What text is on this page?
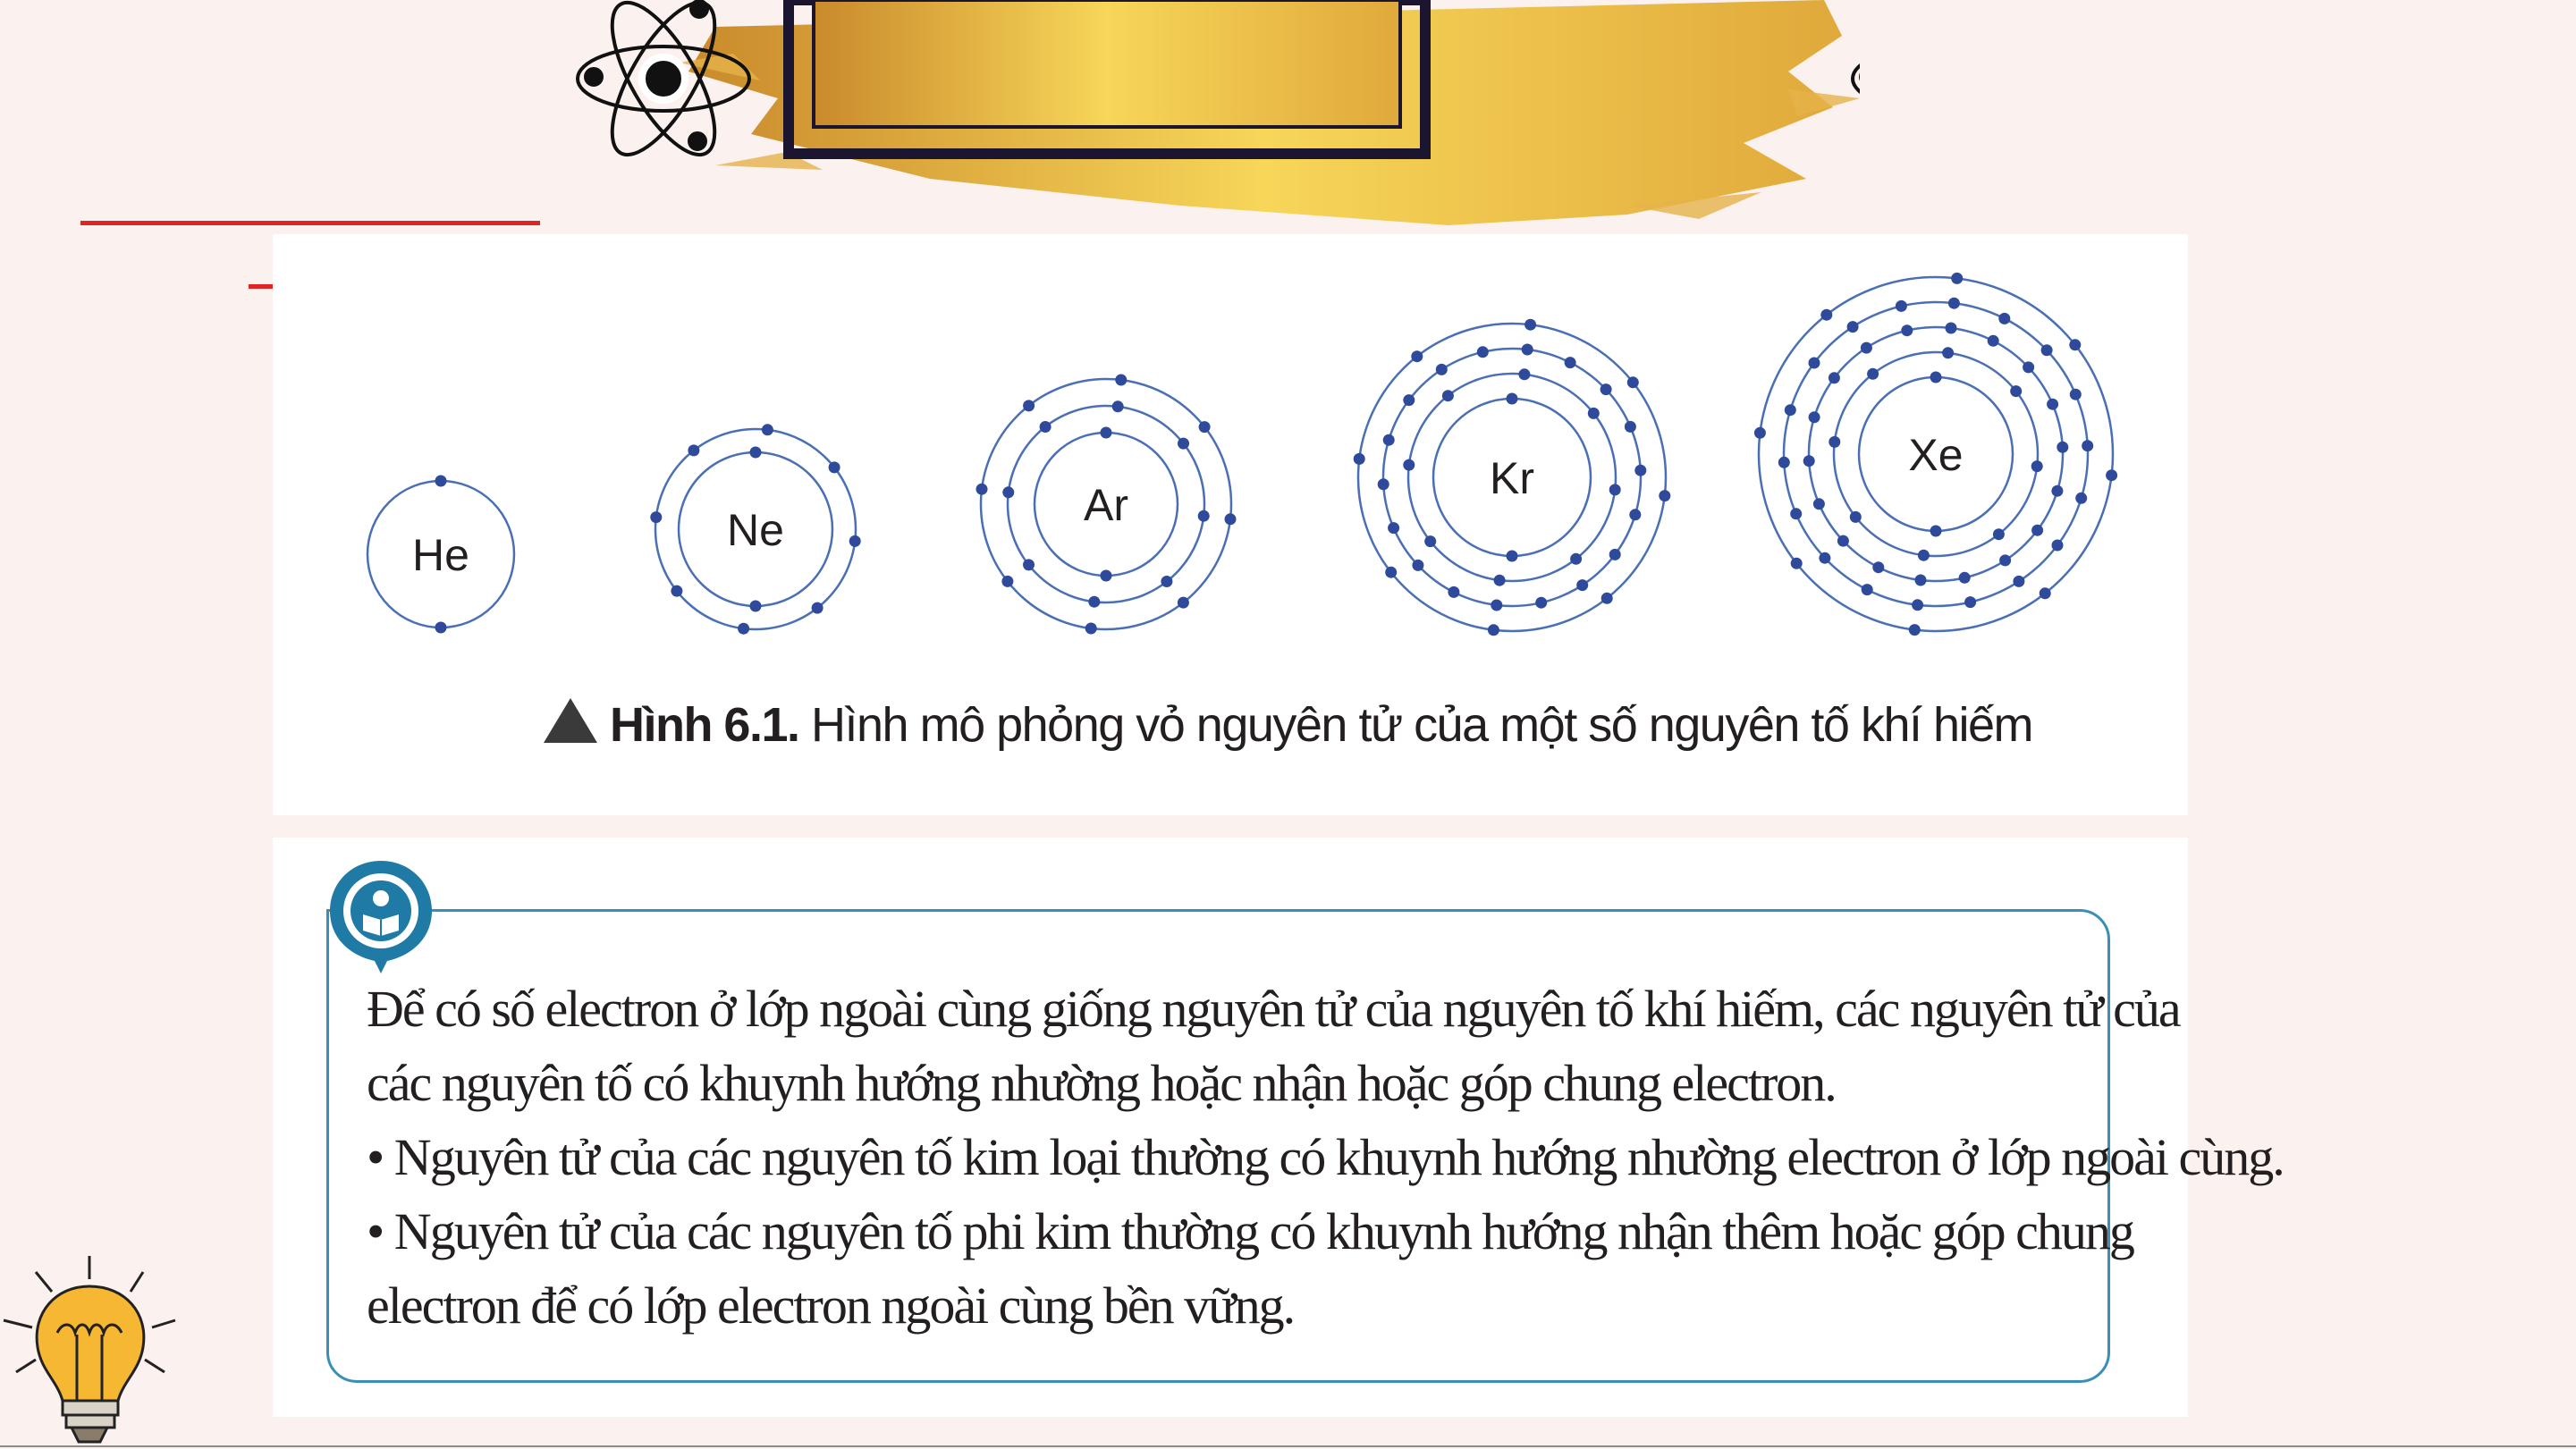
He	Ne	Ar
Kr	Xe
Hình 6.1. Hình mô phỏng vỏ nguyên tử của một số nguyên tố khí hiếm

Để có số electron ở lớp ngoài cùng giống nguyên tử của nguyên tố khí hiếm, các nguyên tử của

các nguyên tố có khuynh hướng nhường hoặc nhận hoặc góp chung electron.

• Nguyên tử của các nguyên tố kim loại thường có khuynh hướng nhường electron ở lớp ngoài cùng.

• Nguyên tử của các nguyên tố phi kim thường có khuynh hướng nhận thêm hoặc góp chung

electron để có lớp electron ngoài cùng bền vững.
